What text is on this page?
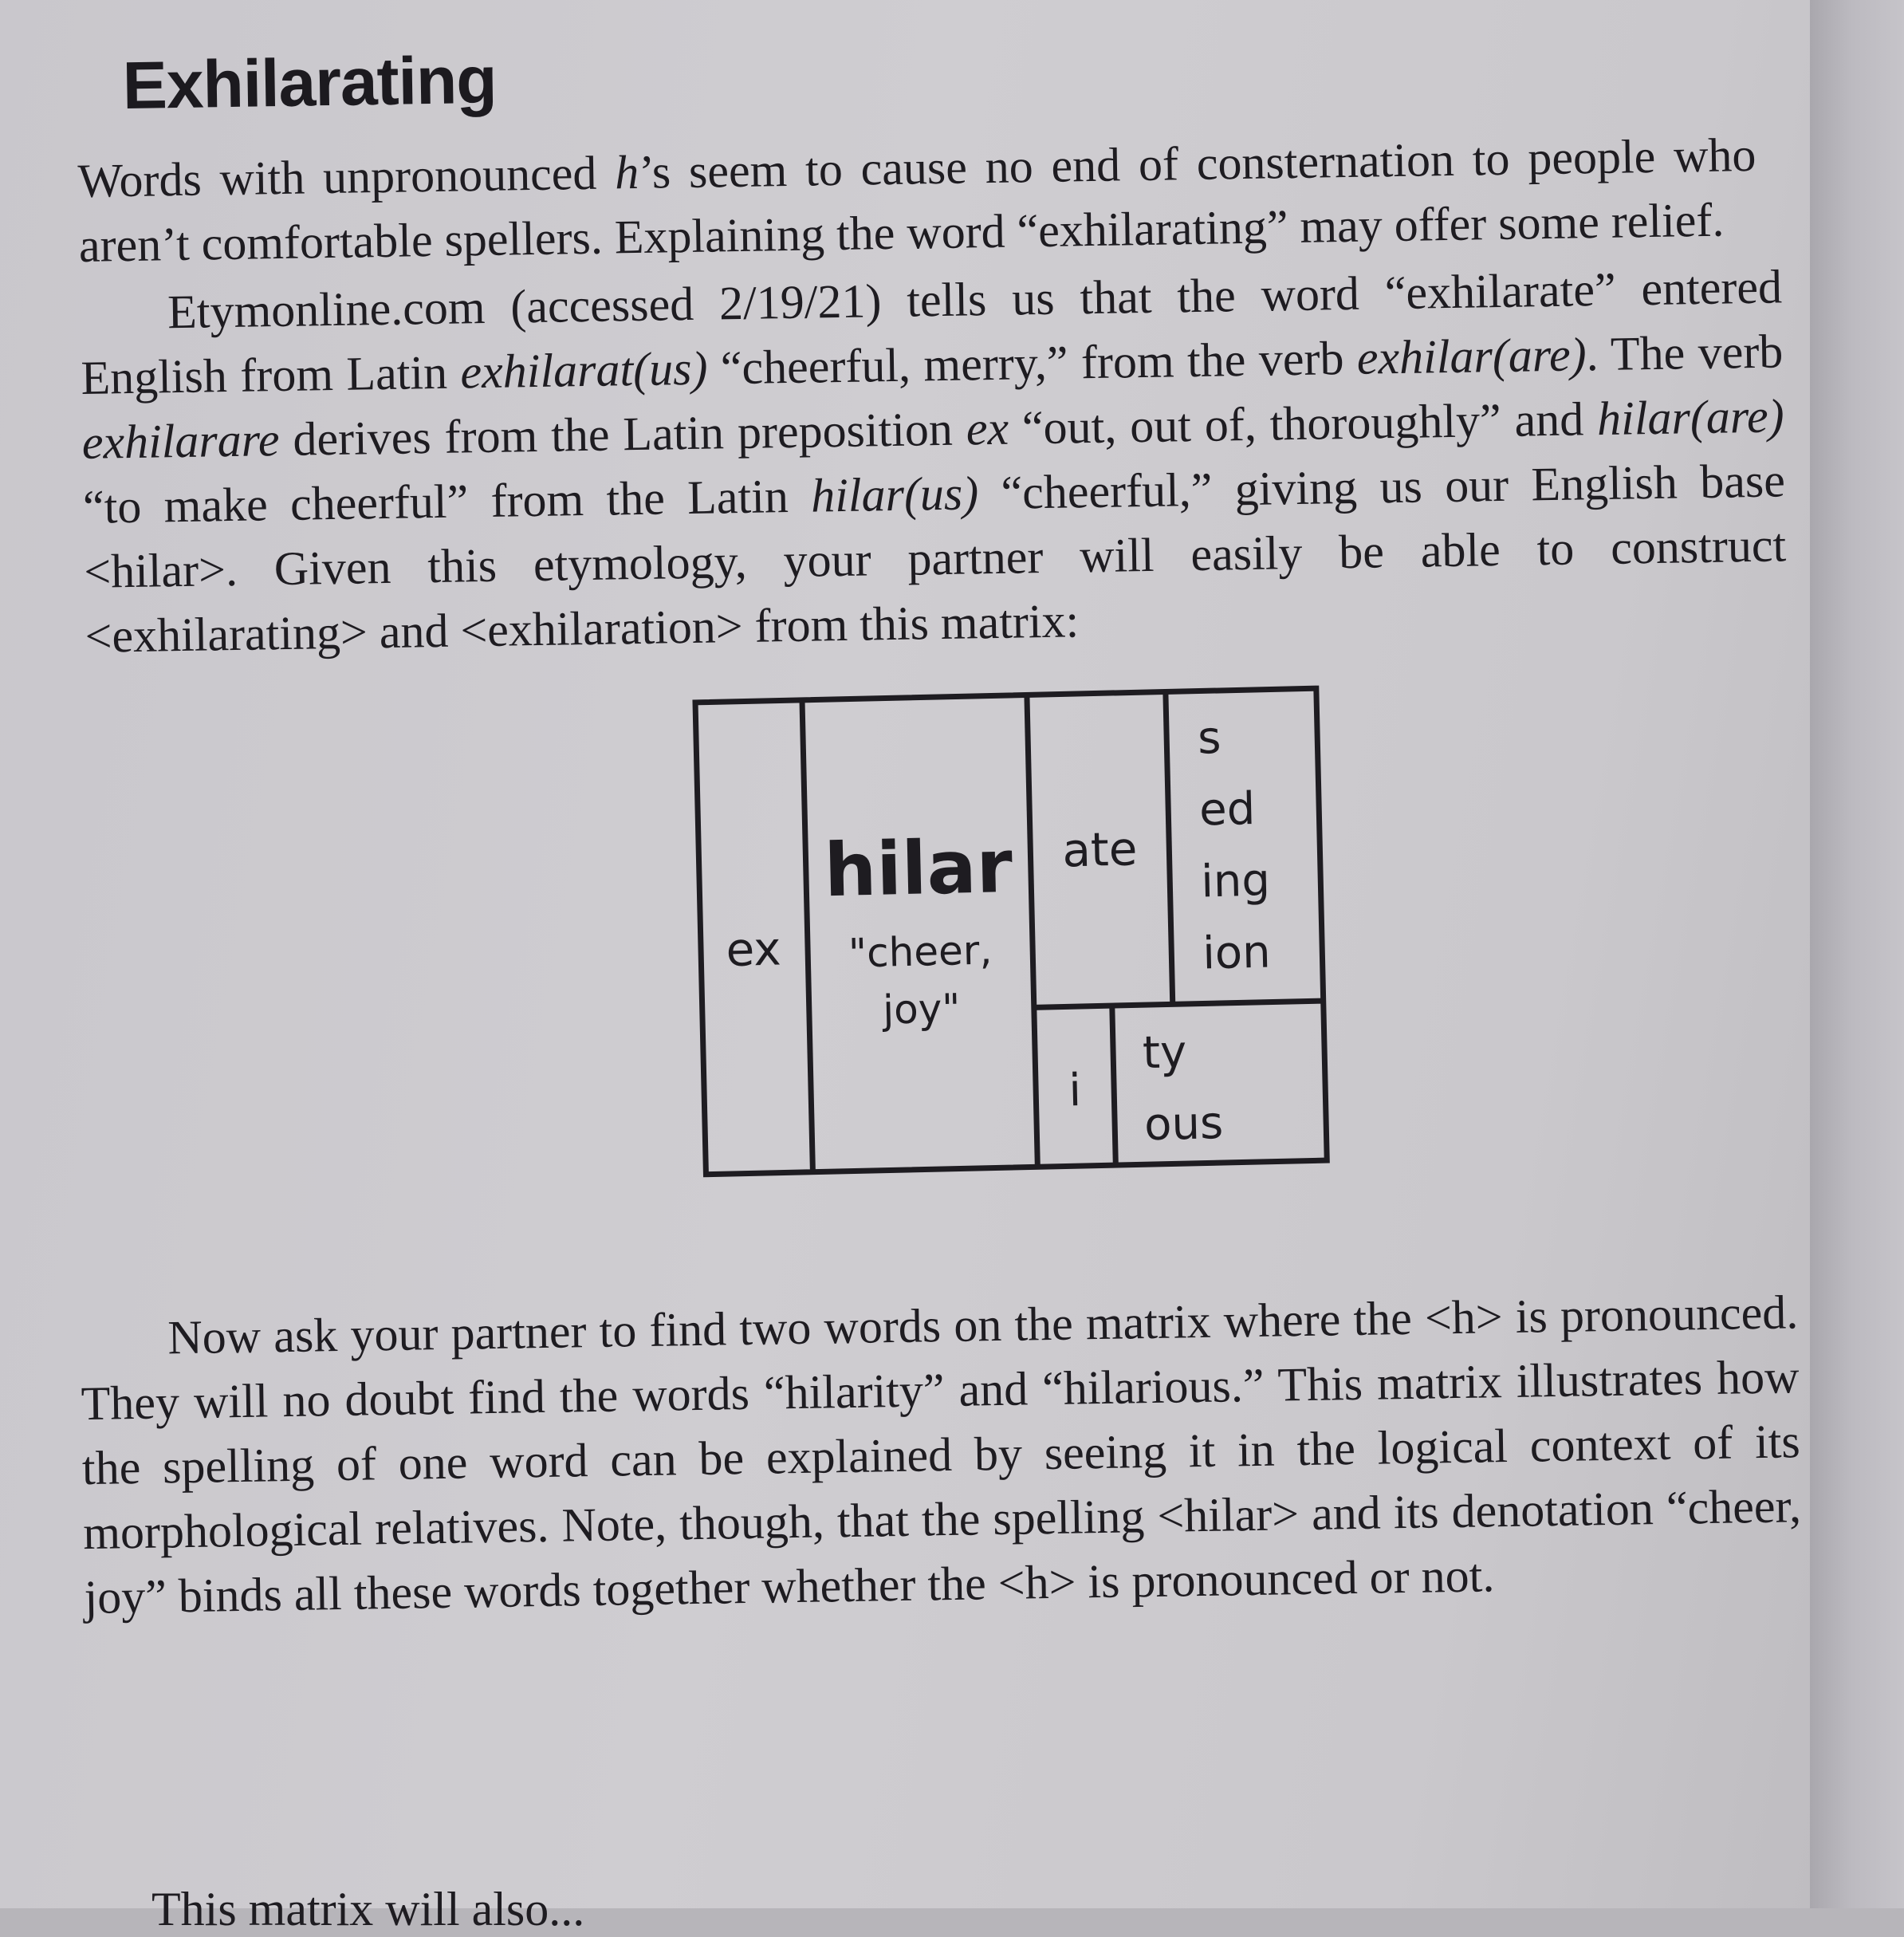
Exhilarating

Words with unpronounced h’s seem to cause no end of consternation to people who aren’t comfortable spellers. Explaining the word “exhilarating” may offer some relief.

Etymonline.com (accessed 2/19/21) tells us that the word “exhilarate” entered English from Latin exhilarat(us) “cheerful, merry,” from the verb exhilar(are). The verb exhilarare derives from the Latin preposition ex “out, out of, thoroughly” and hilar(are) “to make cheerful” from the Latin hilar(us) “cheerful,” giving us our English base <hilar>. Given this etymology, your partner will easily be able to construct <exhilarating> and <exhilaration> from this matrix:

ex
hilar
"cheer,
joy"
ate
s
ed
ing
ion
i
ty
ous

Now ask your partner to find two words on the matrix where the <h> is pronounced. They will no doubt find the words “hilarity” and “hilarious.” This matrix illustrates how the spelling of one word can be explained by seeing it in the logical context of its morphological relatives. Note, though, that the spelling <hilar> and its denotation “cheer, joy” binds all these words together whether the <h> is pronounced or not.

This matrix will also...
